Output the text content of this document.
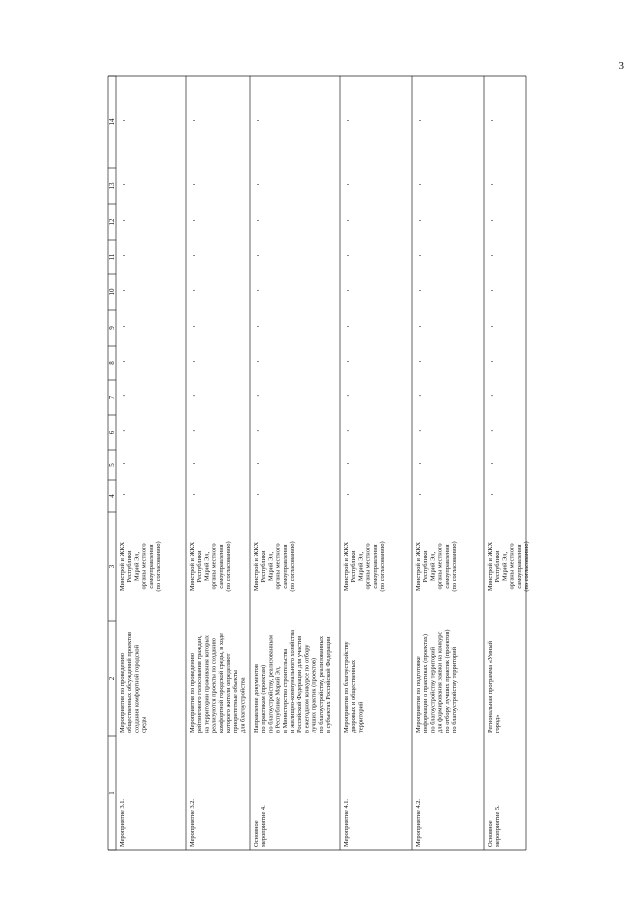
3
1
2
3
4
5
6
7
8
9
10
11
12
13
14
Мероприятие 3.1.
Мероприятия по проведениюобщественных обсуждений проектовсоздания комфортной городскойсреды
Минстрой и ЖКХРеспубликиМарий Эл,органы местногосамоуправления(по согласованию)
-
-
-
-
-
-
-
-
-
-
-
Мероприятие 3.2.
Мероприятия по проведениюрейтингового голосования граждан,на территории проживания которыхреализуются проекты по созданиюкомфортной городской среды, в ходекоторого жители определяютприоритетные объектыдля благоустройства
Минстрой и ЖКХРеспубликиМарий Эл,органы местногосамоуправления(по согласованию)
-
-
-
-
-
-
-
-
-
-
-
Основноемероприятие 4.
Направление документовпо практикам (проектам)по благоустройству, реализованнымв Республике Марий Эл,в Министерство строительстваи жилищно-коммунального хозяйстваРоссийской Федерации для участияв ежегодном конкурсе по отборулучших практик (проектов)по благоустройству, реализованныхв субъектах Российской Федерации
Минстрой и ЖКХРеспубликиМарий Эл,органы местногосамоуправления(по согласованию)
-
-
-
-
-
-
-
-
-
-
-
Мероприятие 4.1.
Мероприятия по благоустройствудворовых и общественныхтерриторий
Минстрой и ЖКХРеспубликиМарий Эл,органы местногосамоуправления(по согласованию)
-
-
-
-
-
-
-
-
-
-
-
Мероприятие 4.2.
Мероприятия по подготовкеинформации о практиках (проектах)по благоустройству территорийдля формирования заявки на конкурспо отбору лучших практик (проектов)по благоустройству территорий
Минстрой и ЖКХРеспубликиМарий Эл,органы местногосамоуправления(по согласованию)
-
-
-
-
-
-
-
-
-
-
-
Основноемероприятие 5.
Региональная программа «Умныйгород»
Минстрой и ЖКХРеспубликиМарий Эл,органы местногосамоуправления(по согласованию)
-
-
-
-
-
-
-
-
-
-
-
